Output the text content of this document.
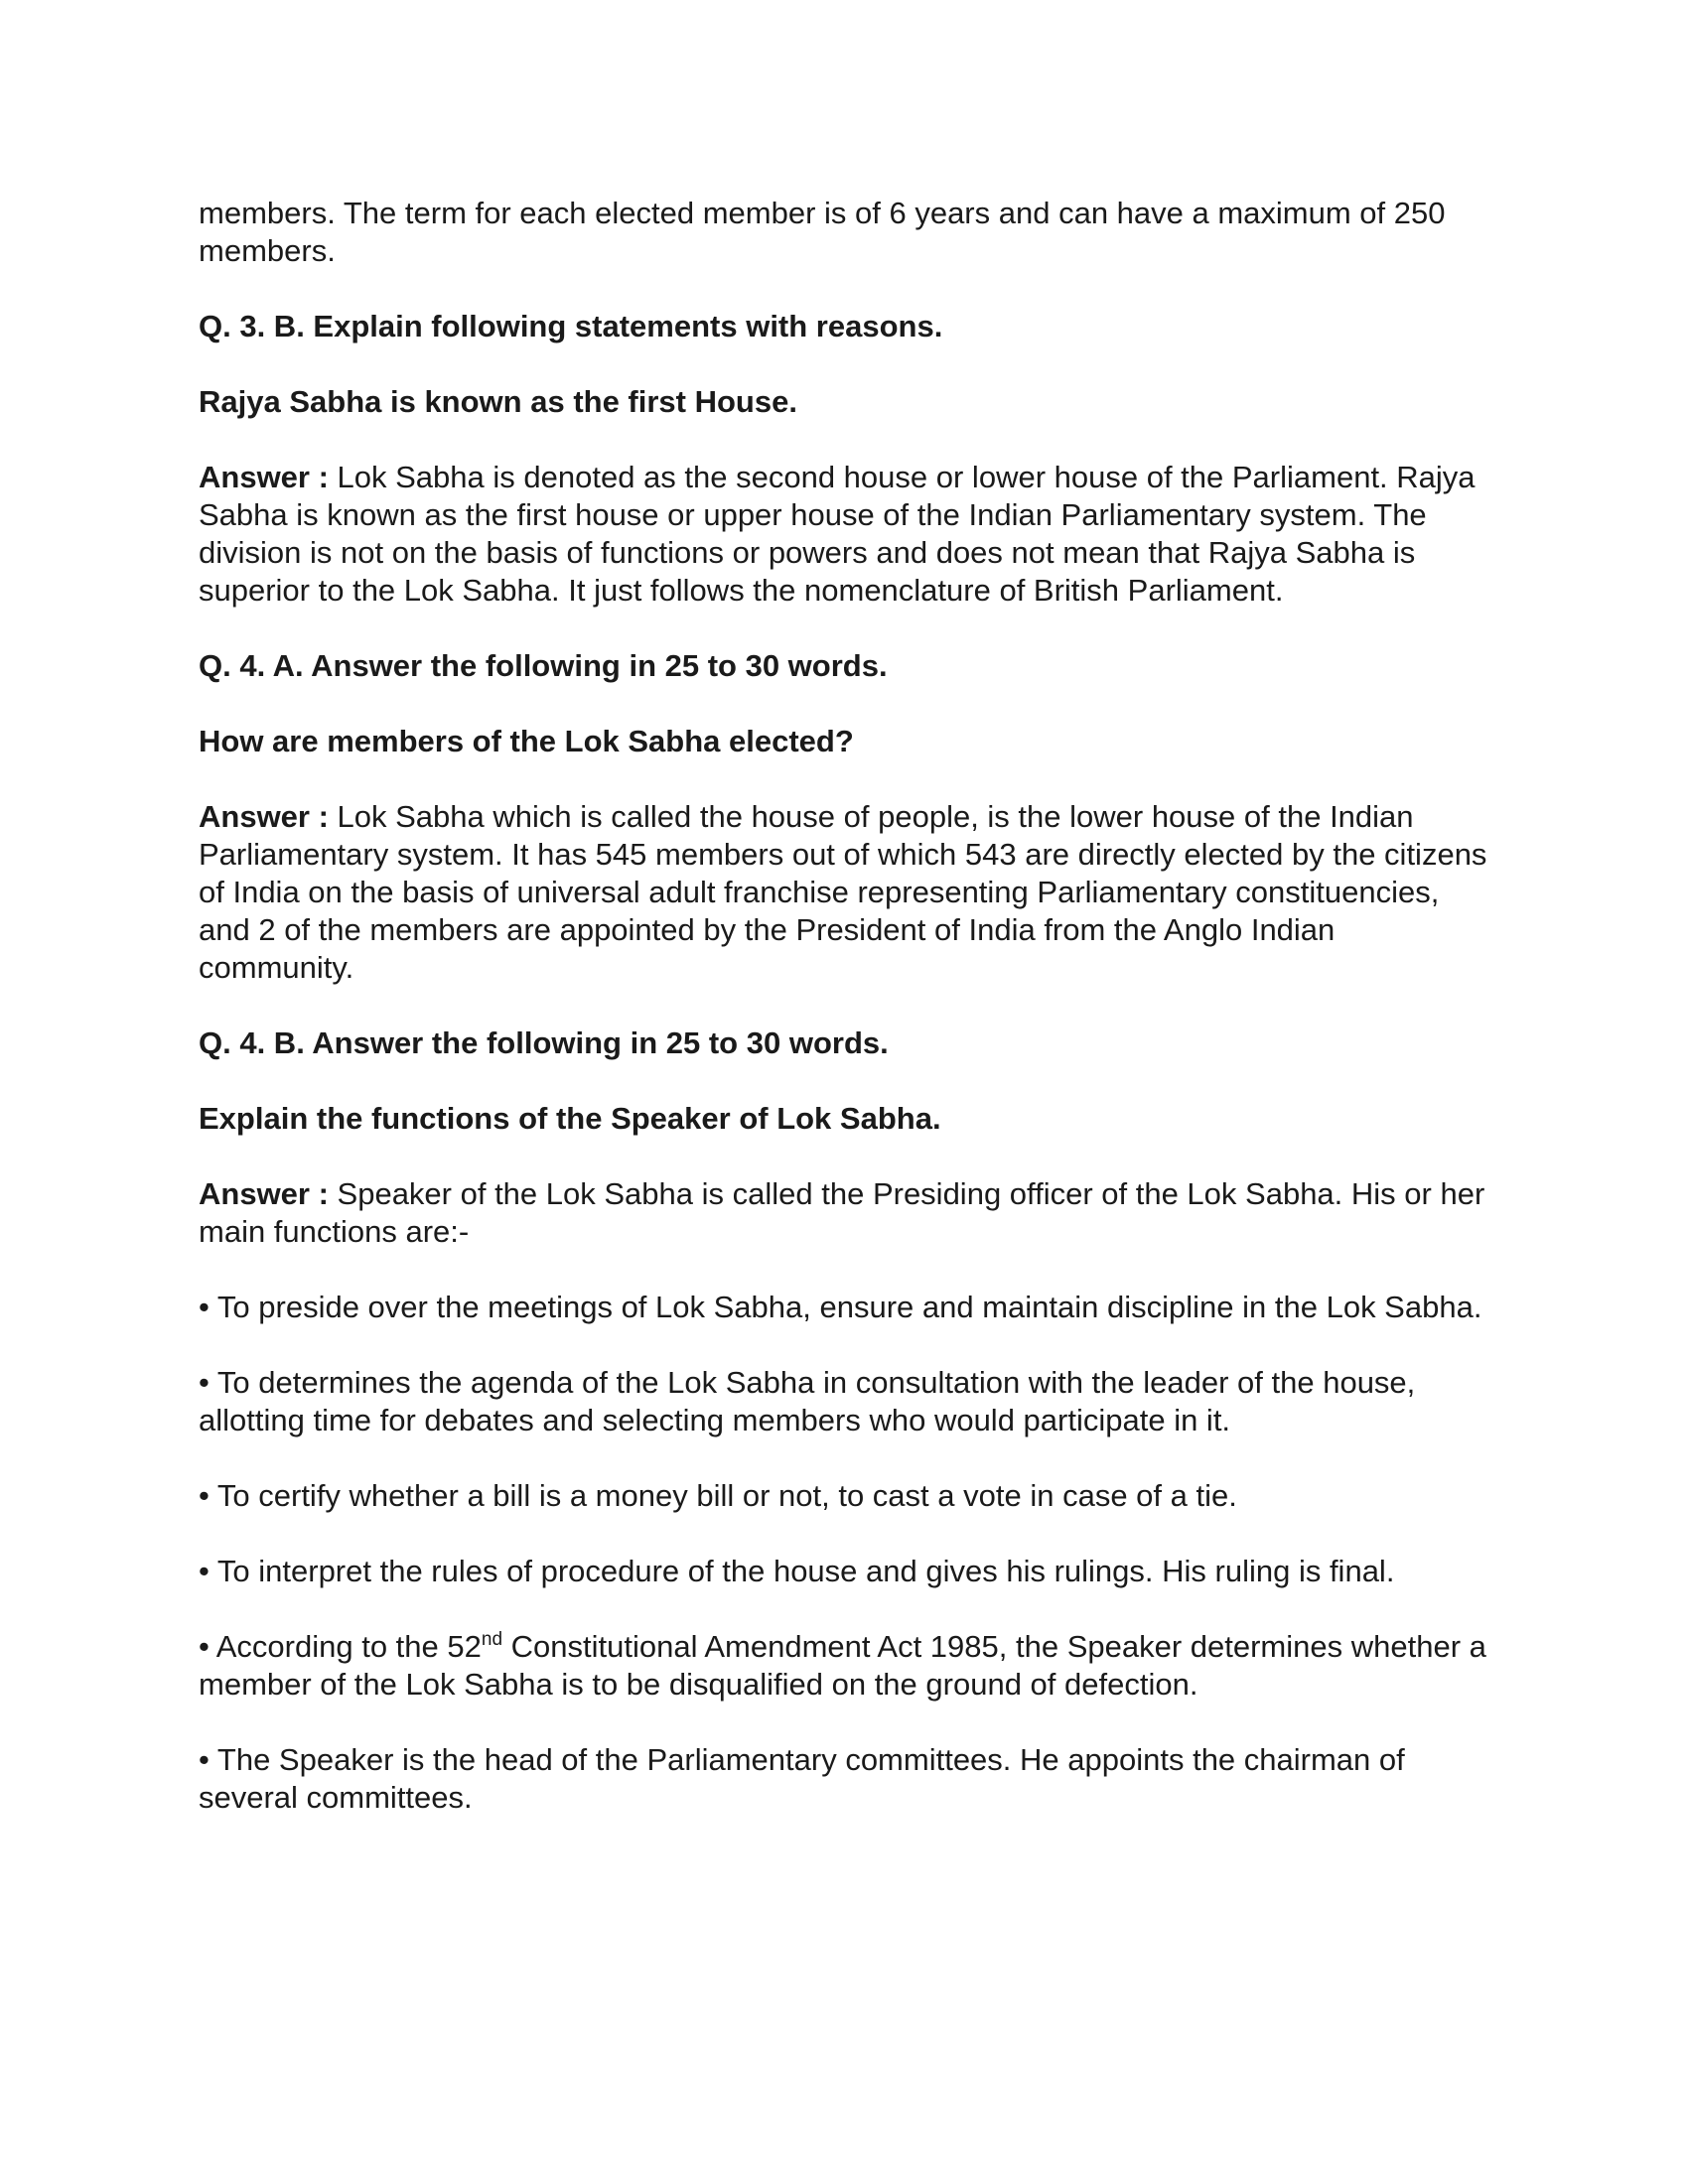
members. The term for each elected member is of 6 years and can have a maximum of 250 members.

Q. 3. B. Explain following statements with reasons.

Rajya Sabha is known as the first House.

Answer : Lok Sabha is denoted as the second house or lower house of the Parliament. Rajya Sabha is known as the first house or upper house of the Indian Parliamentary system. The division is not on the basis of functions or powers and does not mean that Rajya Sabha is superior to the Lok Sabha. It just follows the nomenclature of British Parliament.

Q. 4. A. Answer the following in 25 to 30 words.

How are members of the Lok Sabha elected?

Answer : Lok Sabha which is called the house of people, is the lower house of the Indian Parliamentary system. It has 545 members out of which 543 are directly elected by the citizens of India on the basis of universal adult franchise representing Parliamentary constituencies, and 2 of the members are appointed by the President of India from the Anglo Indian community.

Q. 4. B. Answer the following in 25 to 30 words.

Explain the functions of the Speaker of Lok Sabha.

Answer : Speaker of the Lok Sabha is called the Presiding officer of the Lok Sabha. His or her main functions are:-

• To preside over the meetings of Lok Sabha, ensure and maintain discipline in the Lok Sabha.

• To determines the agenda of the Lok Sabha in consultation with the leader of the house, allotting time for debates and selecting members who would participate in it.

• To certify whether a bill is a money bill or not, to cast a vote in case of a tie.

• To interpret the rules of procedure of the house and gives his rulings. His ruling is final.

• According to the 52nd Constitutional Amendment Act 1985, the Speaker determines whether a member of the Lok Sabha is to be disqualified on the ground of defection.

• The Speaker is the head of the Parliamentary committees. He appoints the chairman of several committees.
